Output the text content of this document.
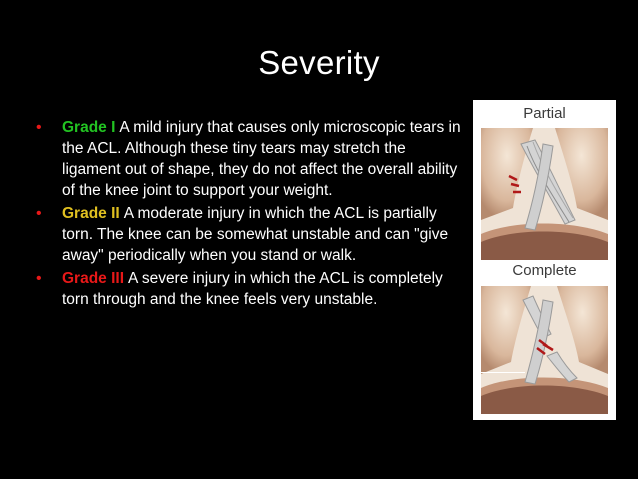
Severity
• Grade I A mild injury that causes only microscopic tears in the ACL. Although these tiny tears may stretch the ligament out of shape, they do not affect the overall ability of the knee joint to support your weight.
• Grade II A moderate injury in which the ACL is partially torn. The knee can be somewhat unstable and can "give away" periodically when you stand or walk.
• Grade III A severe injury in which the ACL is completely torn through and the knee feels very unstable.
Partial
Complete
